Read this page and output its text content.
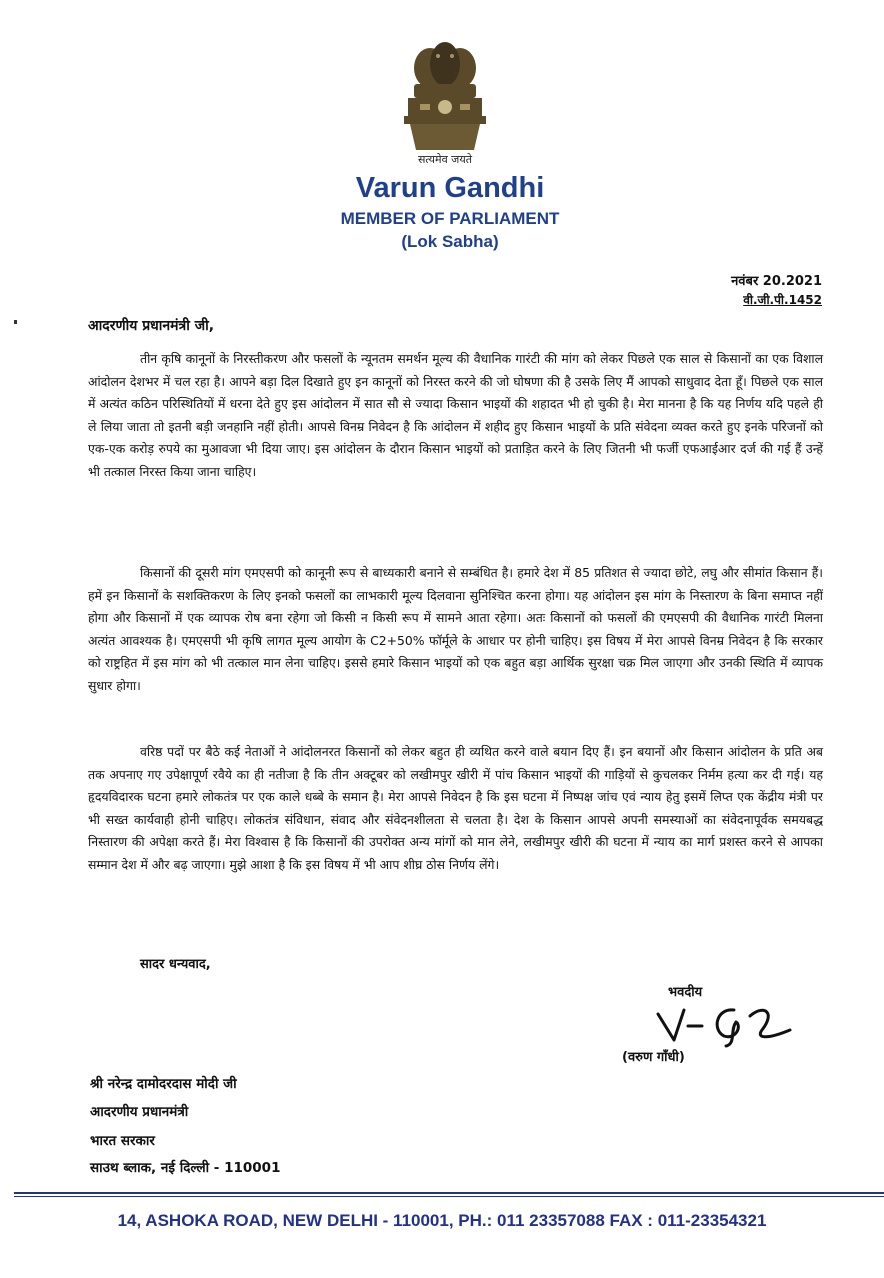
सत्यमेव जयते
Varun Gandhi
MEMBER OF PARLIAMENT
(Lok Sabha)
नवंबर 20.2021
वी.जी.पी.1452
आदरणीय प्रधानमंत्री जी,

तीन कृषि कानूनों के निरस्तीकरण और फसलों के न्यूनतम समर्थन मूल्य की वैधानिक गारंटी की मांग को लेकर पिछले एक साल से किसानों का एक विशाल आंदोलन देशभर में चल रहा है। आपने बड़ा दिल दिखाते हुए इन कानूनों को निरस्त करने की जो घोषणा की है उसके लिए मैं आपको साधुवाद देता हूँ। पिछले एक साल में अत्यंत कठिन परिस्थितियों में धरना देते हुए इस आंदोलन में सात सौ से ज्यादा किसान भाइयों की शहादत भी हो चुकी है। मेरा मानना है कि यह निर्णय यदि पहले ही ले लिया जाता तो इतनी बड़ी जनहानि नहीं होती। आपसे विनम्र निवेदन है कि आंदोलन में शहीद हुए किसान भाइयों के प्रति संवेदना व्यक्त करते हुए इनके परिजनों को एक-एक करोड़ रुपये का मुआवजा भी दिया जाए। इस आंदोलन के दौरान किसान भाइयों को प्रताड़ित करने के लिए जितनी भी फर्जी एफआईआर दर्ज की गई हैं उन्हें भी तत्काल निरस्त किया जाना चाहिए।

किसानों की दूसरी मांग एमएसपी को कानूनी रूप से बाध्यकारी बनाने से सम्बंधित है। हमारे देश में 85 प्रतिशत से ज्यादा छोटे, लघु और सीमांत किसान हैं। हमें इन किसानों के सशक्तिकरण के लिए इनको फसलों का लाभकारी मूल्य दिलवाना सुनिश्चित करना होगा। यह आंदोलन इस मांग के निस्तारण के बिना समाप्त नहीं होगा और किसानों में एक व्यापक रोष बना रहेगा जो किसी न किसी रूप में सामने आता रहेगा। अतः किसानों को फसलों की एमएसपी की वैधानिक गारंटी मिलना अत्यंत आवश्यक है। एमएसपी भी कृषि लागत मूल्य आयोग के C2+50% फॉर्मूले के आधार पर होनी चाहिए। इस विषय में मेरा आपसे विनम्र निवेदन है कि सरकार को राष्ट्रहित में इस मांग को भी तत्काल मान लेना चाहिए। इससे हमारे किसान भाइयों को एक बहुत बड़ा आर्थिक सुरक्षा चक्र मिल जाएगा और उनकी स्थिति में व्यापक सुधार होगा।

वरिष्ठ पदों पर बैठे कई नेताओं ने आंदोलनरत किसानों को लेकर बहुत ही व्यथित करने वाले बयान दिए हैं। इन बयानों और किसान आंदोलन के प्रति अब तक अपनाए गए उपेक्षापूर्ण रवैये का ही नतीजा है कि तीन अक्टूबर को लखीमपुर खीरी में पांच किसान भाइयों की गाड़ियों से कुचलकर निर्मम हत्या कर दी गई। यह हृदयविदारक घटना हमारे लोकतंत्र पर एक काले धब्बे के समान है। मेरा आपसे निवेदन है कि इस घटना में निष्पक्ष जांच एवं न्याय हेतु इसमें लिप्त एक केंद्रीय मंत्री पर भी सख्त कार्यवाही होनी चाहिए। लोकतंत्र संविधान, संवाद और संवेदनशीलता से चलता है। देश के किसान आपसे अपनी समस्याओं का संवेदनापूर्वक समयबद्ध निस्तारण की अपेक्षा करते हैं। मेरा विश्वास है कि किसानों की उपरोक्त अन्य मांगों को मान लेने, लखीमपुर खीरी की घटना में न्याय का मार्ग प्रशस्त करने से आपका सम्मान देश में और बढ़ जाएगा। मुझे आशा है कि इस विषय में भी आप शीघ्र ठोस निर्णय लेंगे।

सादर धन्यवाद,
भवदीय
(वरुण गाँधी)
श्री नरेन्द्र दामोदरदास मोदी जी
आदरणीय प्रधानमंत्री
भारत सरकार
साउथ ब्लाक, नई दिल्ली - 110001
14, ASHOKA ROAD, NEW DELHI - 110001, PH.: 011 23357088 FAX : 011-23354321
